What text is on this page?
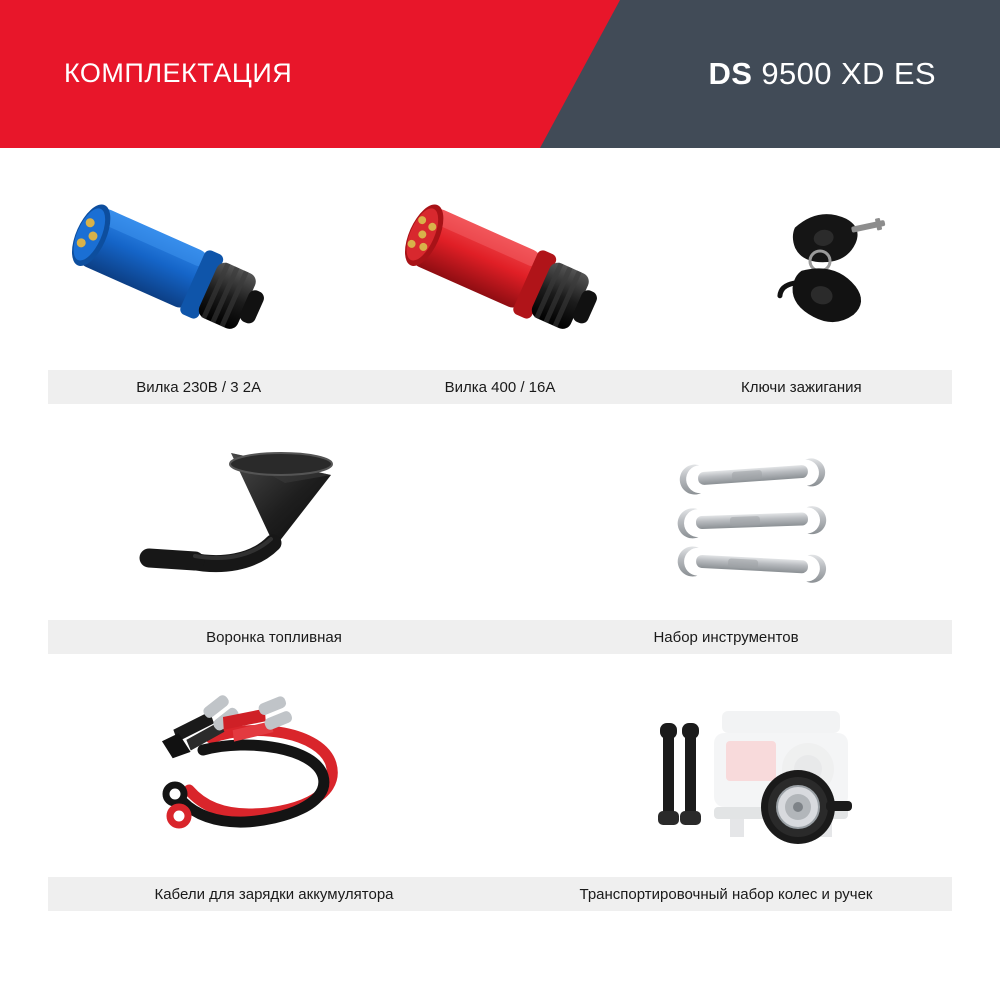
КОМПЛЕКТАЦИЯ	DS 9500 XD ES
Вилка 230В / 3 2А	Вилка 400 / 16А	Ключи зажигания
Воронка топливная	Набор инструментов
Кабели для зарядки аккумулятора	Транспортировочный набор колес и ручек
